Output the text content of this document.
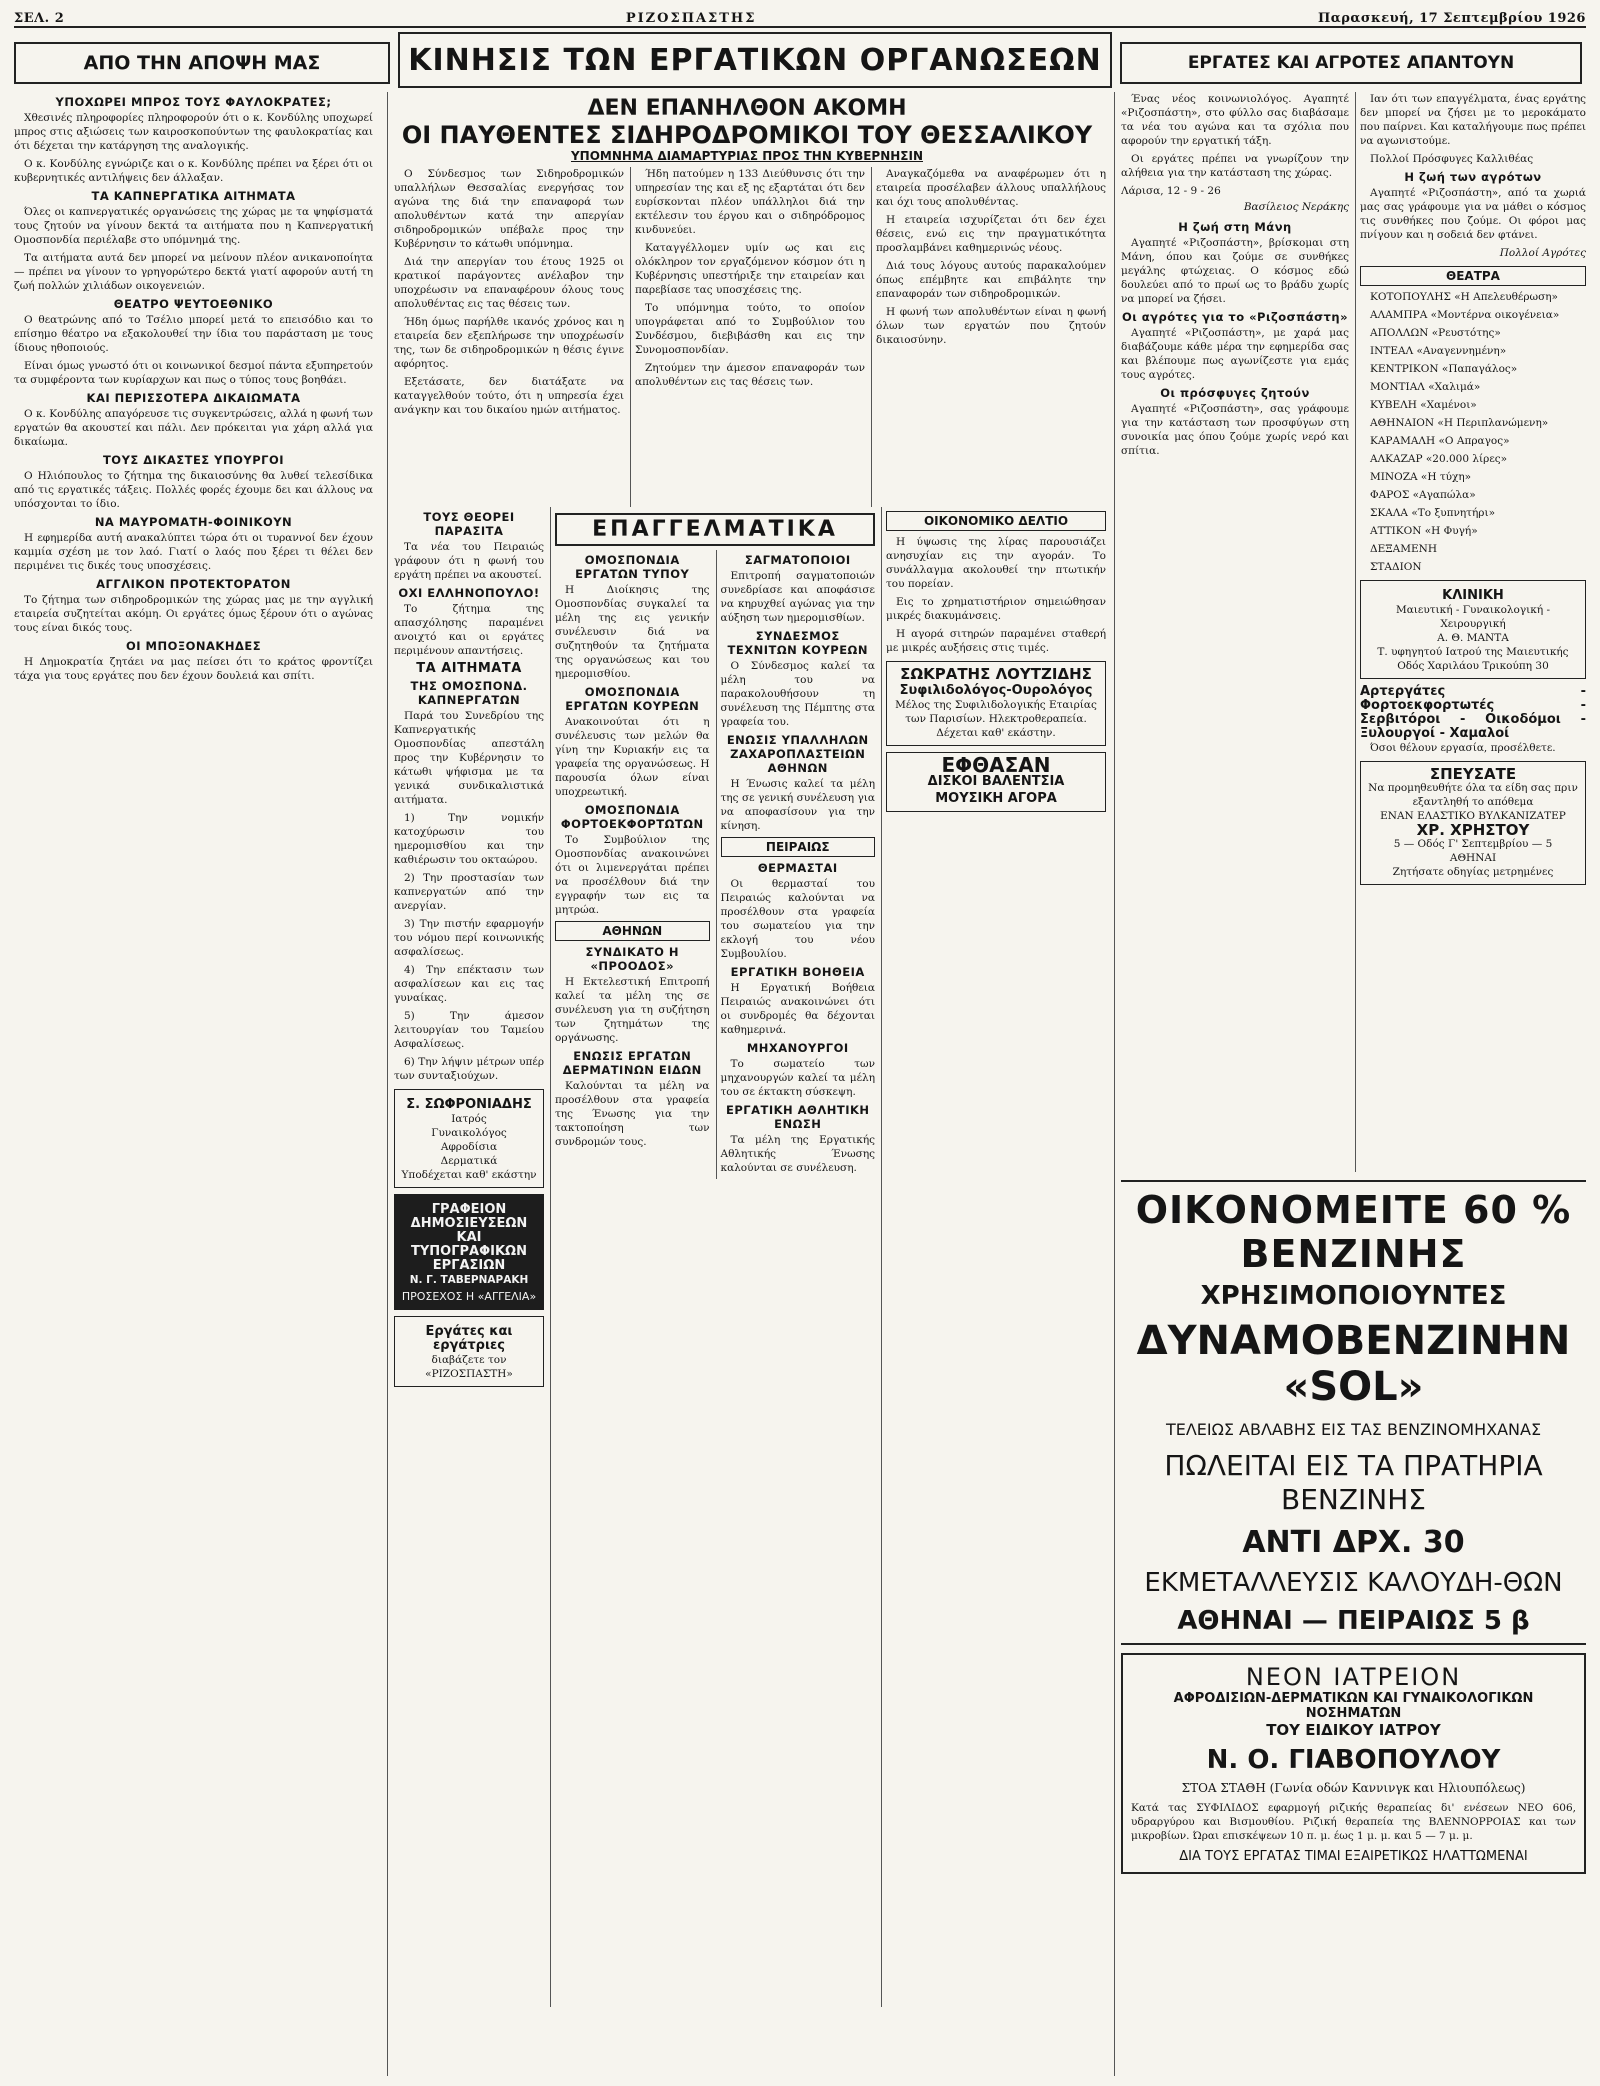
ΣΕΛ. 2	ΡΙΖΟΣΠΑΣΤΗΣ	Παρασκευή, 17 Σεπτεμβρίου 1926
ΑΠΟ ΤΗΝ ΑΠΟΨΗ ΜΑΣ	ΚΙΝΗΣΙΣ ΤΩΝ ΕΡΓΑΤΙΚΩΝ ΟΡΓΑΝΩΣΕΩΝ	ΕΡΓΑΤΕΣ ΚΑΙ ΑΓΡΟΤΕΣ ΑΠΑΝΤΟΥΝ
ΥΠΟΧΩΡΕΙ ΜΠΡΟΣ ΤΟΥΣ ΦΑΥΛΟΚΡΑΤΕΣ;

Χθεσινές πληροφορίες πληροφορούν ότι ο κ. Κονδύλης υποχωρεί μπρος στις αξιώσεις των καιροσκοπούντων της φαυλοκρατίας και ότι δέχεται την κατάργηση της αναλογικής.

Ο κ. Κονδύλης εγνώριζε και ο κ. Κονδύλης πρέπει να ξέρει ότι οι κυβερνητικές αντιλήψεις δεν άλλαξαν.

ΤΑ ΚΑΠΝΕΡΓΑΤΙΚΑ ΑΙΤΗΜΑΤΑ

Όλες οι καπνεργατικές οργανώσεις της χώρας με τα ψηφίσματά τους ζητούν να γίνουν δεκτά τα αιτήματα που η Καπνεργατική Ομοσπονδία περιέλαβε στο υπόμνημά της.

Τα αιτήματα αυτά δεν μπορεί να μείνουν πλέον ανικανοποίητα — πρέπει να γίνουν το γρηγορώτερο δεκτά γιατί αφορούν αυτή τη ζωή πολλών χιλιάδων οικογενειών.

ΘΕΑΤΡΟ ΨΕΥΤΟΕΘΝΙΚΟ

Ο θεατρώνης από το Τσέλιο μπορεί μετά το επεισόδιο και το επίσημο θέατρο να εξακολουθεί την ίδια του παράσταση με τους ίδιους ηθοποιούς.

Είναι όμως γνωστό ότι οι κοινωνικοί δεσμοί πάντα εξυπηρετούν τα συμφέροντα των κυρίαρχων και πως ο τύπος τους βοηθάει.

ΚΑΙ ΠΕΡΙΣΣΟΤΕΡΑ ΔΙΚΑΙΩΜΑΤΑ

Ο κ. Κονδύλης απαγόρευσε τις συγκεντρώσεις, αλλά η φωνή των εργατών θα ακουστεί και πάλι. Δεν πρόκειται για χάρη αλλά για δικαίωμα.

ΤΟΥΣ ΔΙΚΑΣΤΕΣ ΥΠΟΥΡΓΟΙ

Ο Ηλιόπουλος το ζήτημα της δικαιοσύνης θα λυθεί τελεσίδικα από τις εργατικές τάξεις. Πολλές φορές έχουμε δει και άλλους να υπόσχονται το ίδιο.

ΝΑ ΜΑΥΡΟΜΑΤΗ-ΦΟΙΝΙΚΟΥΝ

Η εφημερίδα αυτή ανακαλύπτει τώρα ότι οι τυραννοί δεν έχουν καμμία σχέση με τον λαό. Γιατί ο λαός που ξέρει τι θέλει δεν περιμένει τις δικές τους υποσχέσεις.

ΑΓΓΛΙΚΟΝ ΠΡΟΤΕΚΤΟΡΑΤΟΝ

Το ζήτημα των σιδηροδρομικών της χώρας μας με την αγγλική εταιρεία συζητείται ακόμη. Οι εργάτες όμως ξέρουν ότι ο αγώνας τους είναι δικός τους.

ΟΙ ΜΠΟΞΟΝΑΚΗΔΕΣ

Η Δημοκρατία ζητάει να μας πείσει ότι το κράτος φροντίζει τάχα για τους εργάτες που δεν έχουν δουλειά και σπίτι.

ΔΕΝ ΕΠΑΝΗΛΘΟΝ ΑΚΟΜΗ
ΟΙ ΠΑΥΘΕΝΤΕΣ ΣΙΔΗΡΟΔΡΟΜΙΚΟΙ ΤΟΥ ΘΕΣΣΑΛΙΚΟΥ
ΥΠΟΜΝΗΜΑ ΔΙΑΜΑΡΤΥΡΙΑΣ ΠΡΟΣ ΤΗΝ ΚΥΒΕΡΝΗΣΙΝ

Ο Σύνδεσμος των Σιδηροδρομικών υπαλλήλων Θεσσαλίας ενεργήσας τον αγώνα της διά την επαναφορά των απολυθέντων κατά την απεργίαν σιδηροδρομικών υπέβαλε προς την Κυβέρνησιν το κάτωθι υπόμνημα.

Διά την απεργίαν του έτους 1925 οι κρατικοί παράγοντες ανέλαβον την υποχρέωσιν να επαναφέρουν όλους τους απολυθέντας εις τας θέσεις των.

Ήδη όμως παρήλθε ικανός χρόνος και η εταιρεία δεν εξεπλήρωσε την υποχρέωσίν της, των δε σιδηροδρομικών η θέσις έγινε αφόρητος.

Εξετάσατε, δεν διατάξατε να καταγγελθούν τούτο, ότι η υπηρεσία έχει ανάγκην και του δικαίου ημών αιτήματος.

Ήδη πατούμεν η 133 Διεύθυνσις ότι την υπηρεσίαν της και εξ ης εξαρτάται ότι δεν ευρίσκονται πλέον υπάλληλοι διά την εκτέλεσιν του έργου και ο σιδηρόδρομος κινδυνεύει.

Καταγγέλλομεν υμίν ως και εις ολόκληρον τον εργαζόμενον κόσμον ότι η Κυβέρνησις υπεστήριξε την εταιρείαν και παρεβίασε τας υποσχέσεις της.

Το υπόμνημα τούτο, το οποίον υπογράφεται από το Συμβούλιον του Συνδέσμου, διεβιβάσθη και εις την Συνομοσπονδίαν.

Ζητούμεν την άμεσον επαναφοράν των απολυθέντων εις τας θέσεις των.

Αναγκαζόμεθα να αναφέρωμεν ότι η εταιρεία προσέλαβεν άλλους υπαλλήλους και όχι τους απολυθέντας.

Η εταιρεία ισχυρίζεται ότι δεν έχει θέσεις, ενώ εις την πραγματικότητα προσλαμβάνει καθημερινώς νέους.

Διά τους λόγους αυτούς παρακαλούμεν όπως επέμβητε και επιβάλητε την επαναφοράν των σιδηροδρομικών.

Η φωνή των απολυθέντων είναι η φωνή όλων των εργατών που ζητούν δικαιοσύνην.

ΤΟΥΣ ΘΕΟΡΕΙ ΠΑΡΑΣΙΤΑ

Τα νέα του Πειραιώς γράφουν ότι η φωνή του εργάτη πρέπει να ακουστεί.

ΟΧΙ ΕΛΛΗΝΟΠΟΥΛΟ!

Το ζήτημα της απασχόλησης παραμένει ανοιχτό και οι εργάτες περιμένουν απαντήσεις.

ΤΑ ΑΙΤΗΜΑΤΑ
ΤΗΣ ΟΜΟΣΠΟΝΔ. ΚΑΠΝΕΡΓΑΤΩΝ

Παρά του Συνεδρίου της Καπνεργατικής Ομοσπονδίας απεστάλη προς την Κυβέρνησιν το κάτωθι ψήφισμα με τα γενικά συνδικαλιστικά αιτήματα.

1) Την νομικήν κατοχύρωσιν του ημερομισθίου και την καθιέρωσιν του οκταώρου.

2) Την προστασίαν των καπνεργατών από την ανεργίαν.

3) Την πιστήν εφαρμογήν του νόμου περί κοινωνικής ασφαλίσεως.

4) Την επέκτασιν των ασφαλίσεων και εις τας γυναίκας.

5) Την άμεσον λειτουργίαν του Ταμείου Ασφαλίσεως.

6) Την λήψιν μέτρων υπέρ των συνταξιούχων.

Σ. ΣΩΦΡΟΝΙΑΔΗΣ
Ιατρός
Γυναικολόγος
Αφροδίσια
Δερματικά
Υποδέχεται καθ' εκάστην
ΓΡΑΦΕΙΟΝ ΔΗΜΟΣΙΕΥΣΕΩΝ ΚΑΙ ΤΥΠΟΓΡΑΦΙΚΩΝ ΕΡΓΑΣΙΩΝ
Ν. Γ. ΤΑΒΕΡΝΑΡΑΚΗ
ΠΡΟΣΕΧΟΣ Η «ΑΓΓΕΛΙΑ»
Εργάτες και εργάτριες
διαβάζετε τον «ΡΙΖΟΣΠΑΣΤΗ»
ΕΠΑΓΓΕΛΜΑΤΙΚΑ
ΟΜΟΣΠΟΝΔΙΑ ΕΡΓΑΤΩΝ ΤΥΠΟΥ

Η Διοίκησις της Ομοσπονδίας συγκαλεί τα μέλη της εις γενικήν συνέλευσιν διά να συζητηθούν τα ζητήματα της οργανώσεως και του ημερομισθίου.

ΟΜΟΣΠΟΝΔΙΑ ΕΡΓΑΤΩΝ ΚΟΥΡΕΩΝ

Ανακοινούται ότι η συνέλευσις των μελών θα γίνη την Κυριακήν εις τα γραφεία της οργανώσεως. Η παρουσία όλων είναι υποχρεωτική.

ΟΜΟΣΠΟΝΔΙΑ ΦΟΡΤΟΕΚΦΟΡΤΩΤΩΝ

Το Συμβούλιον της Ομοσπονδίας ανακοινώνει ότι οι λιμενεργάται πρέπει να προσέλθουν διά την εγγραφήν των εις τα μητρώα.

ΑΘΗΝΩΝ
ΣΥΝΔΙΚΑΤΟ Η «ΠΡΟΟΔΟΣ»

Η Εκτελεστική Επιτροπή καλεί τα μέλη της σε συνέλευση για τη συζήτηση των ζητημάτων της οργάνωσης.

ΕΝΩΣΙΣ ΕΡΓΑΤΩΝ ΔΕΡΜΑΤΙΝΩΝ ΕΙΔΩΝ

Καλούνται τα μέλη να προσέλθουν στα γραφεία της Ένωσης για την τακτοποίηση των συνδρομών τους.

ΣΑΓΜΑΤΟΠΟΙΟΙ

Επιτροπή σαγματοποιών συνεδρίασε και αποφάσισε να κηρυχθεί αγώνας για την αύξηση των ημερομισθίων.

ΣΥΝΔΕΣΜΟΣ ΤΕΧΝΙΤΩΝ ΚΟΥΡΕΩΝ

Ο Σύνδεσμος καλεί τα μέλη του να παρακολουθήσουν τη συνέλευση της Πέμπτης στα γραφεία του.

ΕΝΩΣΙΣ ΥΠΑΛΛΗΛΩΝ ΖΑΧΑΡΟΠΛΑΣΤΕΙΩΝ ΑΘΗΝΩΝ

Η Ένωσις καλεί τα μέλη της σε γενική συνέλευση για να αποφασίσουν για την κίνηση.

ΠΕΙΡΑΙΩΣ
ΘΕΡΜΑΣΤΑΙ

Οι θερμασταί του Πειραιώς καλούνται να προσέλθουν στα γραφεία του σωματείου για την εκλογή του νέου Συμβουλίου.

ΕΡΓΑΤΙΚΗ ΒΟΗΘΕΙΑ

Η Εργατική Βοήθεια Πειραιώς ανακοινώνει ότι οι συνδρομές θα δέχονται καθημερινά.

ΜΗΧΑΝΟΥΡΓΟΙ

Το σωματείο των μηχανουργών καλεί τα μέλη του σε έκτακτη σύσκεψη.

ΕΡΓΑΤΙΚΗ ΑΘΛΗΤΙΚΗ ΕΝΩΣΗ

Τα μέλη της Εργατικής Αθλητικής Ένωσης καλούνται σε συνέλευση.

ΟΙΚΟΝΟΜΙΚΟ ΔΕΛΤΙΟ

Η ύψωσις της λίρας παρουσιάζει ανησυχίαν εις την αγοράν. Το συνάλλαγμα ακολουθεί την πτωτικήν του πορείαν.

Εις το χρηματιστήριον σημειώθησαν μικρές διακυμάνσεις.

Η αγορά σιτηρών παραμένει σταθερή με μικρές αυξήσεις στις τιμές.

ΣΩΚΡΑΤΗΣ ΛΟΥΤΖΙΔΗΣ
Συφιλιδολόγος-Ουρολόγος
Μέλος της Συφιλιδολογικής Εταιρίας των Παρισίων. Ηλεκτροθεραπεία. Δέχεται καθ' εκάστην.
ΕΦΘΑΣΑΝ
ΔΙΣΚΟΙ ΒΑΛΕΝΤΣΙΑ
ΜΟΥΣΙΚΗ ΑΓΟΡΑ

Ένας νέος κοινωνιολόγος. Αγαπητέ «Ριζοσπάστη», στο φύλλο σας διαβάσαμε τα νέα του αγώνα και τα σχόλια που αφορούν την εργατική τάξη.

Οι εργάτες πρέπει να γνωρίζουν την αλήθεια για την κατάσταση της χώρας.

Λάρισα, 12 - 9 - 26
Βασίλειος Νεράκης
Η ζωή στη Μάνη

Αγαπητέ «Ριζοσπάστη», βρίσκομαι στη Μάνη, όπου και ζούμε σε συνθήκες μεγάλης φτώχειας. Ο κόσμος εδώ δουλεύει από το πρωί ως το βράδυ χωρίς να μπορεί να ζήσει.

Οι αγρότες για το «Ριζοσπάστη»

Αγαπητέ «Ριζοσπάστη», με χαρά μας διαβάζουμε κάθε μέρα την εφημερίδα σας και βλέπουμε πως αγωνίζεστε για εμάς τους αγρότες.

Οι πρόσφυγες ζητούν

Αγαπητέ «Ριζοσπάστη», σας γράφουμε για την κατάσταση των προσφύγων στη συνοικία μας όπου ζούμε χωρίς νερό και σπίτια.

Ιαν ότι των επαγγέλματα, ένας εργάτης δεν μπορεί να ζήσει με το μεροκάματο που παίρνει. Και καταλήγουμε πως πρέπει να αγωνιστούμε.

Πολλοί Πρόσφυγες Καλλιθέας

Η ζωή των αγρότων

Αγαπητέ «Ριζοσπάστη», από τα χωριά μας σας γράφουμε για να μάθει ο κόσμος τις συνθήκες που ζούμε. Οι φόροι μας πνίγουν και η σοδειά δεν φτάνει.

Πολλοί Αγρότες
ΘΕΑΤΡΑ

ΚΟΤΟΠΟΥΛΗΣ «Η Απελευθέρωση»

ΑΛΑΜΠΡΑ «Μοντέρνα οικογένεια»

ΑΠΟΛΛΩΝ «Ρευστότης»

ΙΝΤΕΑΛ «Αναγεννημένη»

ΚΕΝΤΡΙΚΟΝ «Παπαγάλος»

ΜΟΝΤΙΑΛ «Χαλιμά»

ΚΥΒΕΛΗ «Χαμένοι»

ΑΘΗΝΑΙΟΝ «Η Περιπλανώμενη»

ΚΑΡΑΜΑΛΗ «Ο Απραγος»

ΑΛΚΑΖΑΡ «20.000 λίρες»

ΜΙΝΟΖΑ «Η τύχη»

ΦΑΡΟΣ «Αγαπώλα»

ΣΚΑΛΑ «Το ξυπνητήρι»

ΑΤΤΙΚΟΝ «Η Φυγή»

ΔΕΞΑΜΕΝΗ

ΣΤΑΔΙΟΝ

ΚΛΙΝΙΚΗ
Μαιευτική - Γυναικολογική - Χειρουργική
Α. Θ. ΜΑΝΤΑ
Τ. υφηγητού Ιατρού της Μαιευτικής
Οδός Χαριλάου Τρικούπη 30
Αρτεργάτες - Φορτοεκφορτωτές - Σερβιτόροι - Οικοδόμοι - Ξυλουργοί - Χαμαλοί

Όσοι θέλουν εργασία, προσέλθετε.

ΣΠΕΥΣΑΤΕ
Να προμηθευθήτε όλα τα είδη σας πριν εξαντληθή το απόθεμα
ΕΝΑΝ ΕΛΑΣΤΙΚΟ ΒΥΛΚΑΝΙΖΑΤΕΡ
ΧΡ. ΧΡΗΣΤΟΥ
5 — Οδός Γ' Σεπτεμβρίου — 5
ΑΘΗΝΑΙ
Ζητήσατε οδηγίας μετρημένες
ΟΙΚΟΝΟΜΕΙΤΕ 60 % ΒΕΝΖΙΝΗΣ
ΧΡΗΣΙΜΟΠΟΙΟΥΝΤΕΣ
ΔΥΝΑΜΟΒΕΝΖΙΝΗΝ «SOL»
ΤΕΛΕΙΩΣ ΑΒΛΑΒΗΣ ΕΙΣ ΤΑΣ ΒΕΝΖΙΝΟΜΗΧΑΝΑΣ
ΠΩΛΕΙΤΑΙ ΕΙΣ ΤΑ ΠΡΑΤΗΡΙΑ ΒΕΝΖΙΝΗΣ
ΑΝΤΙ ΔΡΧ. 30
ΕΚΜΕΤΑΛΛΕΥΣΙΣ ΚΑΛΟΥΔΗ-ΘΩΝ
ΑΘΗΝΑΙ — ΠΕΙΡΑΙΩΣ 5 β
ΝΕΟΝ ΙΑΤΡΕΙΟΝ
ΑΦΡΟΔΙΣΙΩΝ-ΔΕΡΜΑΤΙΚΩΝ ΚΑΙ ΓΥΝΑΙΚΟΛΟΓΙΚΩΝ ΝΟΣΗΜΑΤΩΝ
ΤΟΥ ΕΙΔΙΚΟΥ ΙΑΤΡΟΥ
Ν. Ο. ΓΙΑΒΟΠΟΥΛΟΥ
ΣΤΟΑ ΣΤΑΘΗ (Γωνία οδών Καννινγκ και Ηλιουπόλεως)
Κατά τας ΣΥΦΙΛΙΔΟΣ εφαρμογή ριζικής θεραπείας δι' ενέσεων ΝΕΟ 606, υδραργύρου και Βισμουθίου. Ριζική θεραπεία της ΒΛΕΝΝΟΡΡΟΙΑΣ και των μικροβίων. Ώραι επισκέψεων 10 π. μ. έως 1 μ. μ. και 5 — 7 μ. μ.
ΔΙΑ ΤΟΥΣ ΕΡΓΑΤΑΣ ΤΙΜΑΙ ΕΞΑΙΡΕΤΙΚΩΣ ΗΛΑΤΤΩΜΕΝΑΙ
